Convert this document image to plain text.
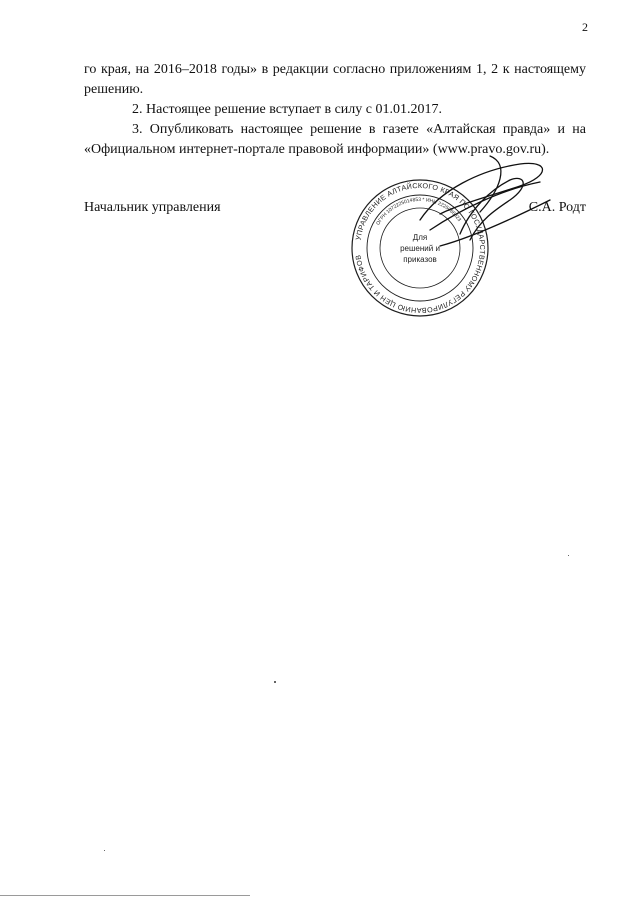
2

го края, на 2016–2018 годы» в редакции согласно приложениям 1, 2 к настоящему решению.

2. Настоящее решение вступает в силу с 01.01.2017.

3. Опубликовать настоящее решение в газете «Алтайская правда» и на «Официальном интернет-портале правовой информации» (www.pravo.gov.ru).

Начальник управления	С.А. Родт
УПРАВЛЕНИЕ АЛТАЙСКОГО КРАЯ ПО ГОСУДАРСТВЕННОМУ РЕГУЛИРОВАНИЮ ЦЕН И ТАРИФОВ
ОГРН 1072225014853 * ИНН 2225086823
Для
решений и
приказов
